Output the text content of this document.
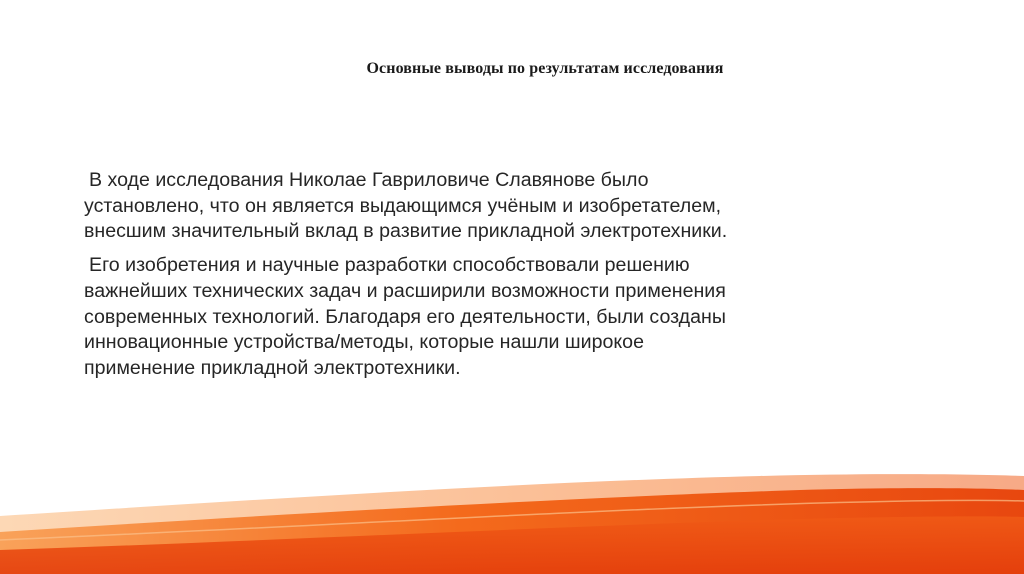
Основные выводы по результатам исследования

В ходе исследования Николае Гавриловиче Славянове было
установлено, что он является выдающимся учёным и изобретателем,
внесшим значительный вклад в развитие прикладной электротехники.

Его изобретения и научные разработки способствовали решению
важнейших технических задач и расширили возможности применения
современных технологий. Благодаря его деятельности, были созданы
инновационные устройства/методы, которые нашли широкое
применение прикладной электротехники.
